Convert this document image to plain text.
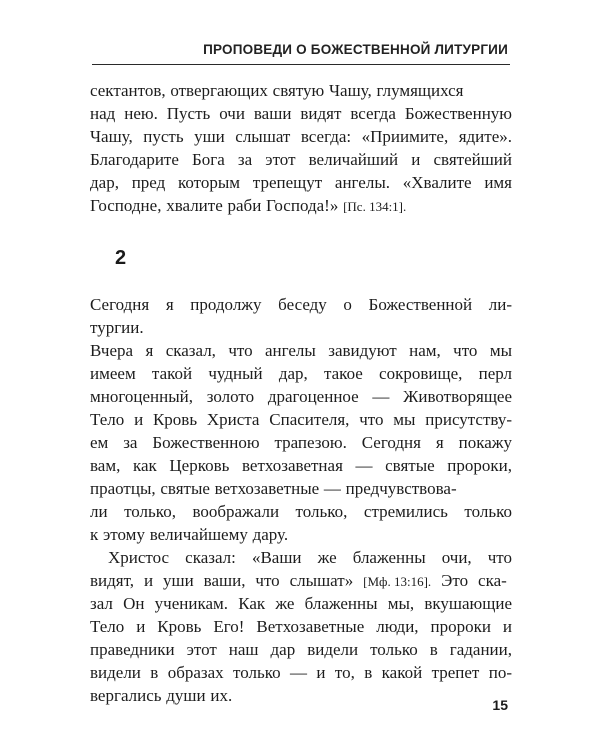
ПРОПОВЕДИ О БОЖЕСТВЕННОЙ ЛИТУРГИИ
сектантов, отвергающих святую Чашу, глумящихся
над нею. Пусть очи ваши видят всегда Божественную
Чашу, пусть уши слышат всегда: «Приимите, ядите».
Благодарите Бога за этот величайший и святейший
дар, пред которым трепещут ангелы. «Хвалите имя
Господне, хвалите раби Господа!» [Пс. 134:1].
2
Сегодня я продолжу беседу о Божественной ли-
тургии.
Вчера я сказал, что ангелы завидуют нам, что мы
имеем такой чудный дар, такое сокровище, перл
многоценный, золото драгоценное — Животворящее
Тело и Кровь Христа Спасителя, что мы присутству-
ем за Божественною трапезою. Сегодня я покажу
вам, как Церковь ветхозаветная — святые пророки,
праотцы, святые ветхозаветные — предчувствова-
ли только, воображали только, стремились только
к этому величайшему дару.
Христос сказал: «Ваши же блаженны очи, что
видят, и уши ваши, что слышат» [Мф. 13:16]. Это ска-
зал Он ученикам. Как же блаженны мы, вкушающие
Тело и Кровь Его! Ветхозаветные люди, пророки и
праведники этот наш дар видели только в гадании,
видели в образах только — и то, в какой трепет по-
вергались души их.	15
